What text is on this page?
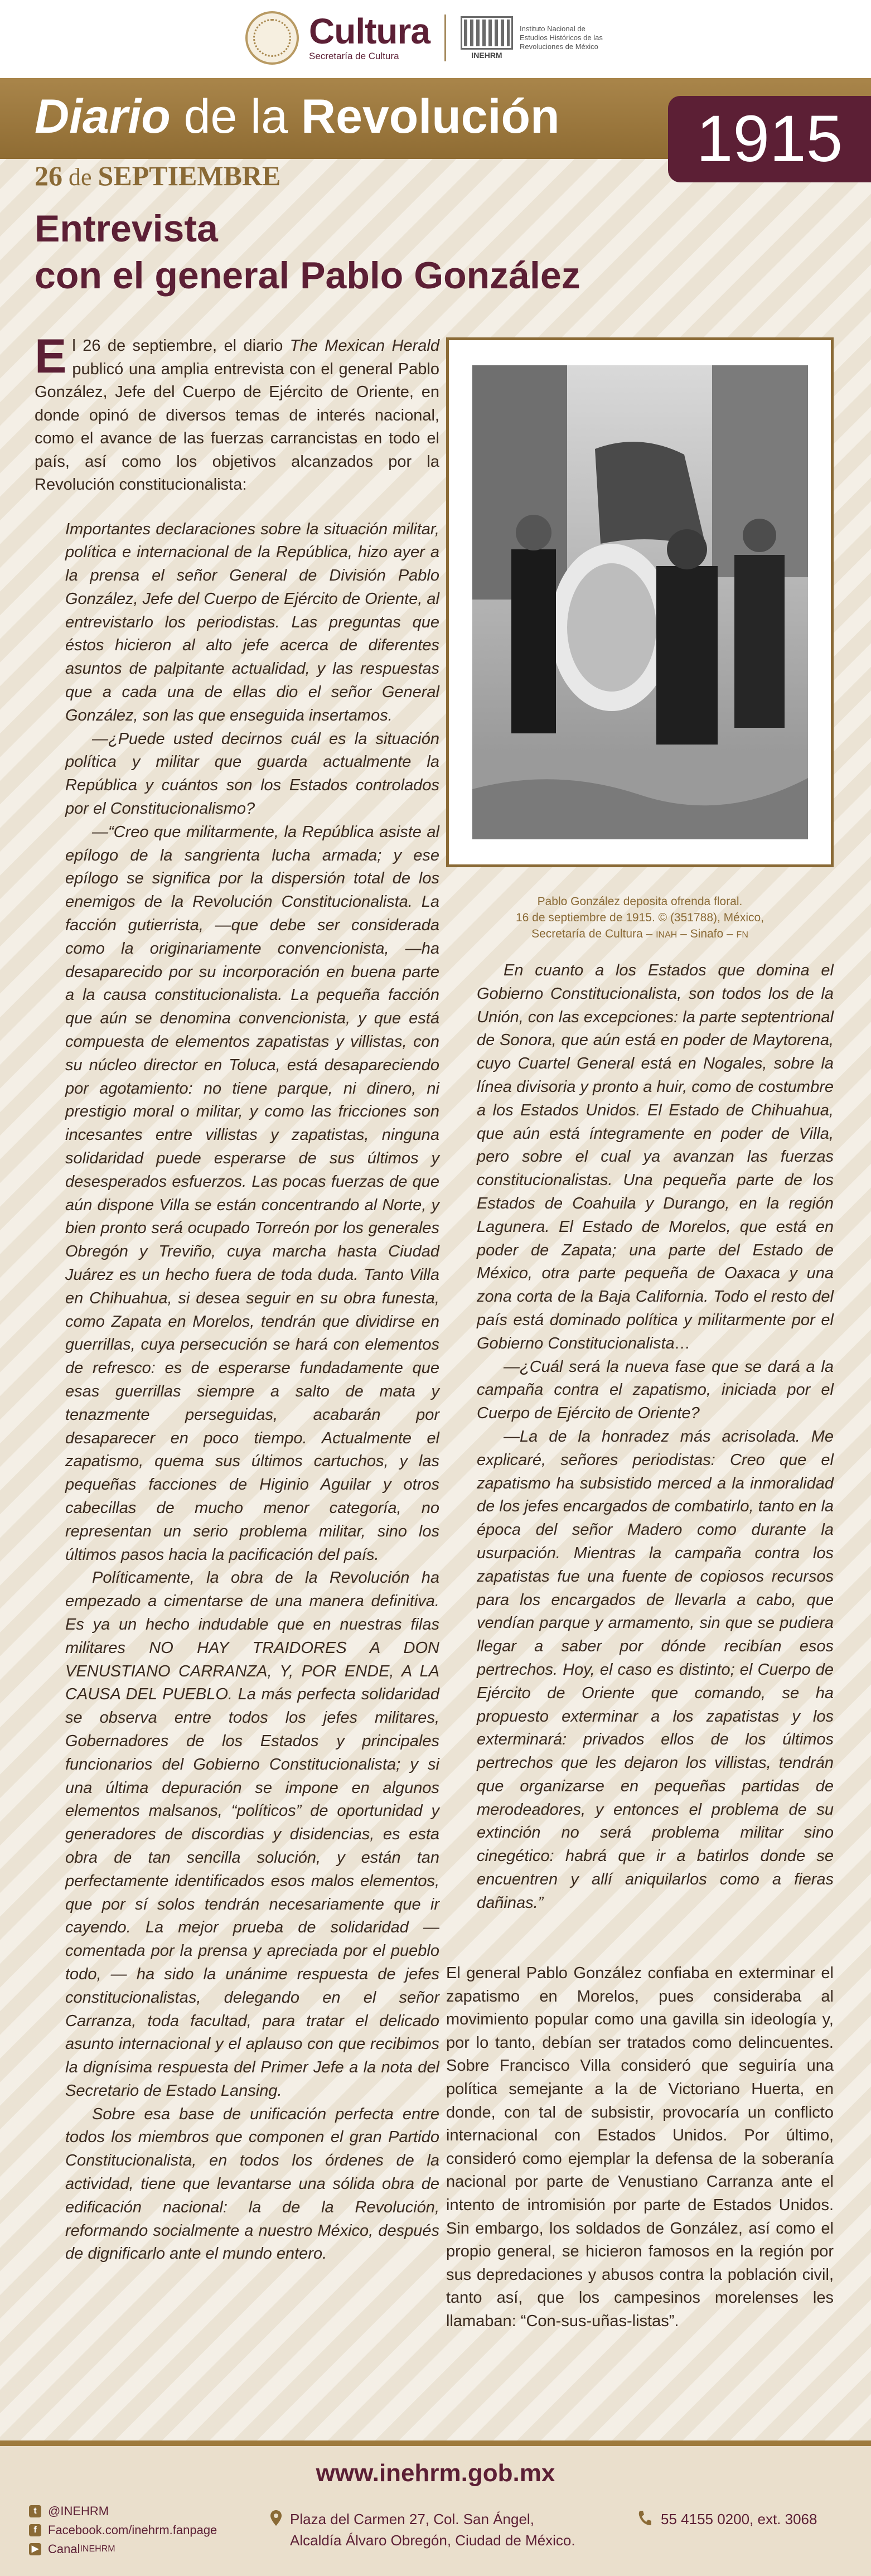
Cultura
Secretaría de Cultura	INEHRM
Instituto Nacional de Estudios Históricos de las Revoluciones de México
Diario de la Revolución	1915
26 de SEPTIEMBRE
Entrevista
con el general Pablo González
El 26 de septiembre, el diario The Mexican Herald publicó una amplia entrevista con el general Pablo González, Jefe del Cuerpo de Ejército de Oriente, en donde opinó de diversos temas de interés nacional, como el avance de las fuerzas carrancistas en todo el país, así como los objetivos alcanzados por la Revolución constitucionalista:

Importantes declaraciones sobre la situación militar, política e internacional de la República, hizo ayer a la prensa el señor General de División Pablo González, Jefe del Cuerpo de Ejército de Oriente, al entrevistarlo los periodistas. Las preguntas que éstos hicieron al alto jefe acerca de diferentes asuntos de palpitante actualidad, y las respuestas que a cada una de ellas dio el señor General González, son las que enseguida insertamos.

—¿Puede usted decirnos cuál es la situación política y militar que guarda actualmente la República y cuántos son los Estados controlados por el Constitucionalismo?

—“Creo que militarmente, la República asiste al epílogo de la sangrienta lucha armada; y ese epílogo se significa por la dispersión total de los enemigos de la Revolución Constitucionalista. La facción gutierrista, —que debe ser considerada como la originariamente convencionista, —ha desaparecido por su incorporación en buena parte a la causa constitucionalista. La pequeña facción que aún se denomina convencionista, y que está compuesta de elementos zapatistas y villistas, con su núcleo director en Toluca, está desapareciendo por agotamiento: no tiene parque, ni dinero, ni prestigio moral o militar, y como las fricciones son incesantes entre villistas y zapatistas, ninguna solidaridad puede esperarse de sus últimos y desesperados esfuerzos. Las pocas fuerzas de que aún dispone Villa se están concentrando al Norte, y bien pronto será ocupado Torreón por los generales Obregón y Treviño, cuya marcha hasta Ciudad Juárez es un hecho fuera de toda duda. Tanto Villa en Chihuahua, si desea seguir en su obra funesta, como Zapata en Morelos, tendrán que dividirse en guerrillas, cuya persecución se hará con elementos de refresco: es de esperarse fundadamente que esas guerrillas siempre a salto de mata y tenazmente perseguidas, acabarán por desaparecer en poco tiempo. Actualmente el zapatismo, quema sus últimos cartuchos, y las pequeñas facciones de Higinio Aguilar y otros cabecillas de mucho menor categoría, no representan un serio problema militar, sino los últimos pasos hacia la pacificación del país.

Políticamente, la obra de la Revolución ha empezado a cimentarse de una manera definitiva. Es ya un hecho indudable que en nuestras filas militares NO HAY TRAIDORES A DON VENUSTIANO CARRANZA, Y, POR ENDE, A LA CAUSA DEL PUEBLO. La más perfecta solidaridad se observa entre todos los jefes militares, Gobernadores de los Estados y principales funcionarios del Gobierno Constitucionalista; y si una última depuración se impone en algunos elementos malsanos, “políticos” de oportunidad y generadores de discordias y disidencias, es esta obra de tan sencilla solución, y están tan perfectamente identificados esos malos elementos, que por sí solos tendrán necesariamente que ir cayendo. La mejor prueba de solidaridad —comentada por la prensa y apreciada por el pueblo todo, — ha sido la unánime respuesta de jefes constitucionalistas, delegando en el señor Carranza, toda facultad, para tratar el delicado asunto internacional y el aplauso con que recibimos la dignísima respuesta del Primer Jefe a la nota del Secretario de Estado Lansing.

Sobre esa base de unificación perfecta entre todos los miembros que componen el gran Partido Constitucionalista, en todos los órdenes de la actividad, tiene que levantarse una sólida obra de edificación nacional: la de la Revolución, reformando socialmente a nuestro México, después de dignificarlo ante el mundo entero.

Pablo González deposita ofrenda floral.
16 de septiembre de 1915. © (351788), México,
Secretaría de Cultura – INAH – Sinafo – FN

En cuanto a los Estados que domina el Gobierno Constitucionalista, son todos los de la Unión, con las excepciones: la parte septentrional de Sonora, que aún está en poder de Maytorena, cuyo Cuartel General está en Nogales, sobre la línea divisoria y pronto a huir, como de costumbre a los Estados Unidos. El Estado de Chihuahua, que aún está íntegramente en poder de Villa, pero sobre el cual ya avanzan las fuerzas constitucionalistas. Una pequeña parte de los Estados de Coahuila y Durango, en la región Lagunera. El Estado de Morelos, que está en poder de Zapata; una parte del Estado de México, otra parte pequeña de Oaxaca y una zona corta de la Baja California. Todo el resto del país está dominado política y militarmente por el Gobierno Constitucionalista…

—¿Cuál será la nueva fase que se dará a la campaña contra el zapatismo, iniciada por el Cuerpo de Ejército de Oriente?

—La de la honradez más acrisolada. Me explicaré, señores periodistas: Creo que el zapatismo ha subsistido merced a la inmoralidad de los jefes encargados de combatirlo, tanto en la época del señor Madero como durante la usurpación. Mientras la campaña contra los zapatistas fue una fuente de copiosos recursos para los encargados de llevarla a cabo, que vendían parque y armamento, sin que se pudiera llegar a saber por dónde recibían esos pertrechos. Hoy, el caso es distinto; el Cuerpo de Ejército de Oriente que comando, se ha propuesto exterminar a los zapatistas y los exterminará: privados ellos de los últimos pertrechos que les dejaron los villistas, tendrán que organizarse en pequeñas partidas de merodeadores, y entonces el problema de su extinción no será problema militar sino cinegético: habrá que ir a batirlos donde se encuentren y allí aniquilarlos como a fieras dañinas.”

El general Pablo González confiaba en exterminar el zapatismo en Morelos, pues consideraba al movimiento popular como una gavilla sin ideología y, por lo tanto, debían ser tratados como delincuentes. Sobre Francisco Villa consideró que seguiría una política semejante a la de Victoriano Huerta, en donde, con tal de subsistir, provocaría un conflicto internacional con Estados Unidos. Por último, consideró como ejemplar la defensa de la soberanía nacional por parte de Venustiano Carranza ante el intento de intromisión por parte de Estados Unidos. Sin embargo, los soldados de González, así como el propio general, se hicieron famosos en la región por sus depredaciones y abusos contra la población civil, tanto así, que los campesinos morelenses les llamaban: “Con-sus-uñas-listas”.
www.inehrm.gob.mx
t @INEHRM
f Facebook.com/inehrm.fanpage
▶ Canal INEHRM
Plaza del Carmen 27, Col. San Ángel,
Alcaldía Álvaro Obregón, Ciudad de México.
55 4155 0200, ext. 3068
